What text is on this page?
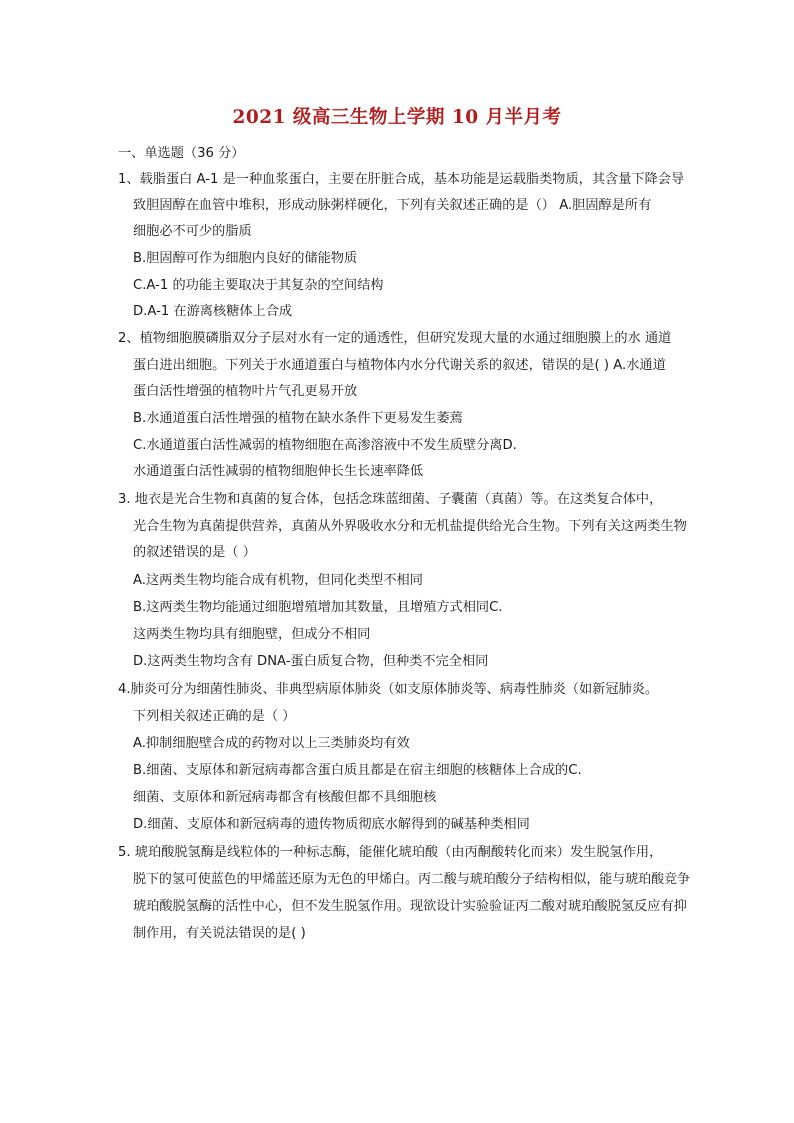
2021 级高三生物上学期 10 月半月考
一、单选题（36 分）
1、载脂蛋白 A-1 是一种血浆蛋白，主要在肝脏合成，基本功能是运载脂类物质，其含量下降会导
致胆固醇在血管中堆积，形成动脉粥样硬化，下列有关叙述正确的是（） A.胆固醇是所有
细胞必不可少的脂质
B.胆固醇可作为细胞内良好的储能物质
C.A-1 的功能主要取决于其复杂的空间结构
D.A-1 在游离核糖体上合成
2、植物细胞膜磷脂双分子层对水有一定的通透性，但研究发现大量的水通过细胞膜上的水 通道
蛋白进出细胞。下列关于水通道蛋白与植物体内水分代谢关系的叙述，错误的是( ) A.水通道
蛋白活性增强的植物叶片气孔更易开放
B.水通道蛋白活性增强的植物在缺水条件下更易发生萎蔫
C.水通道蛋白活性减弱的植物细胞在高渗溶液中不发生质壁分离D.
水通道蛋白活性减弱的植物细胞伸长生长速率降低
3. 地衣是光合生物和真菌的复合体，包括念珠蓝细菌、子囊菌（真菌）等。在这类复合体中，
光合生物为真菌提供营养，真菌从外界吸收水分和无机盐提供给光合生物。下列有关这两类生物
的叙述错误的是（ ）
A.这两类生物均能合成有机物，但同化类型不相同
B.这两类生物均能通过细胞增殖增加其数量，且增殖方式相同C.
这两类生物均具有细胞壁，但成分不相同
D.这两类生物均含有 DNA-蛋白质复合物，但种类不完全相同
4.肺炎可分为细菌性肺炎、非典型病原体肺炎（如支原体肺炎等、病毒性肺炎（如新冠肺炎。
下列相关叙述正确的是（ ）
A.抑制细胞壁合成的药物对以上三类肺炎均有效
B.细菌、支原体和新冠病毒都含蛋白质且都是在宿主细胞的核糖体上合成的C.
细菌、支原体和新冠病毒都含有核酸但都不具细胞核
D.细菌、支原体和新冠病毒的遗传物质彻底水解得到的碱基种类相同
5. 琥珀酸脱氢酶是线粒体的一种标志酶，能催化琥珀酸（由丙酮酸转化而来）发生脱氢作用，
脱下的氢可使蓝色的甲烯蓝还原为无色的甲烯白。丙二酸与琥珀酸分子结构相似，能与琥珀酸竞争
琥珀酸脱氢酶的活性中心，但不发生脱氢作用。现欲设计实验验证丙二酸对琥珀酸脱氢反应有抑
制作用，有关说法错误的是( )
